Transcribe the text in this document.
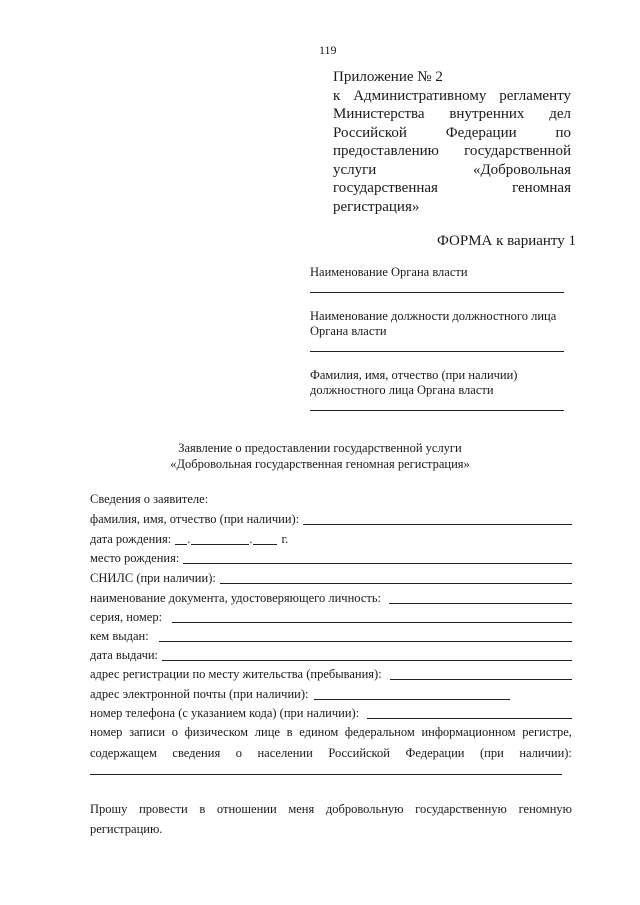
119
Приложение № 2
к Административному регламенту
Министерства внутренних дел
Российской	Федерации	по
предоставлению государственной
услуги	«Добровольная
государственная	геномная
регистрация»
ФОРМА к варианту 1
Наименование Органа власти
Наименование должности должностного лица
Органа власти
Фамилия, имя, отчество (при наличии)
должностного лица Органа власти
Заявление о предоставлении государственной услуги
«Добровольная государственная геномная регистрация»
Сведения о заявителе:
фамилия, имя, отчество (при наличии):
дата рождения: .	. г.
место рождения:
СНИЛС (при наличии):
наименование документа, удостоверяющего личность:
серия, номер:
кем выдан:
дата выдачи:
адрес регистрации по месту жительства (пребывания):
адрес электронной почты (при наличии):
номер телефона (с указанием кода) (при наличии):
номер записи о физическом лице в едином федеральном информационном регистре,
содержащем сведения о населении Российской Федерации (при наличии):
Прошу провести в отношении меня добровольную государственную геномную
регистрацию.
